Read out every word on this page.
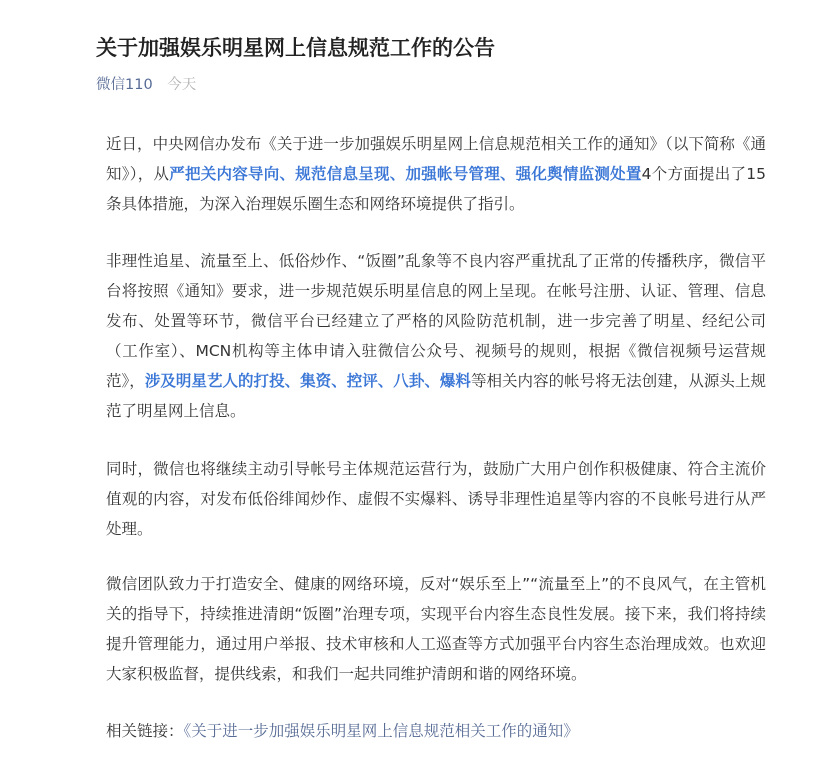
关于加强娱乐明星网上信息规范工作的公告
微信110 今天

近日，中央网信办发布《关于进一步加强娱乐明星网上信息规范相关工作的通知》（以下简称《通知》），从严把关内容导向、规范信息呈现、加强帐号管理、强化舆情监测处置4个方面提出了15条具体措施，为深入治理娱乐圈生态和网络环境提供了指引。

非理性追星、流量至上、低俗炒作、“饭圈”乱象等不良内容严重扰乱了正常的传播秩序，微信平台将按照《通知》要求，进一步规范娱乐明星信息的网上呈现。在帐号注册、认证、管理、信息发布、处置等环节，微信平台已经建立了严格的风险防范机制，进一步完善了明星、经纪公司（工作室）、MCN机构等主体申请入驻微信公众号、视频号的规则，根据《微信视频号运营规范》，涉及明星艺人的打投、集资、控评、八卦、爆料等相关内容的帐号将无法创建，从源头上规范了明星网上信息。

同时，微信也将继续主动引导帐号主体规范运营行为，鼓励广大用户创作积极健康、符合主流价值观的内容，对发布低俗绯闻炒作、虚假不实爆料、诱导非理性追星等内容的不良帐号进行从严处理。

微信团队致力于打造安全、健康的网络环境，反对“娱乐至上”“流量至上”的不良风气，在主管机关的指导下，持续推进清朗“饭圈”治理专项，实现平台内容生态良性发展。接下来，我们将持续提升管理能力，通过用户举报、技术审核和人工巡查等方式加强平台内容生态治理成效。也欢迎大家积极监督，提供线索，和我们一起共同维护清朗和谐的网络环境。

相关链接：《关于进一步加强娱乐明星网上信息规范相关工作的通知》
